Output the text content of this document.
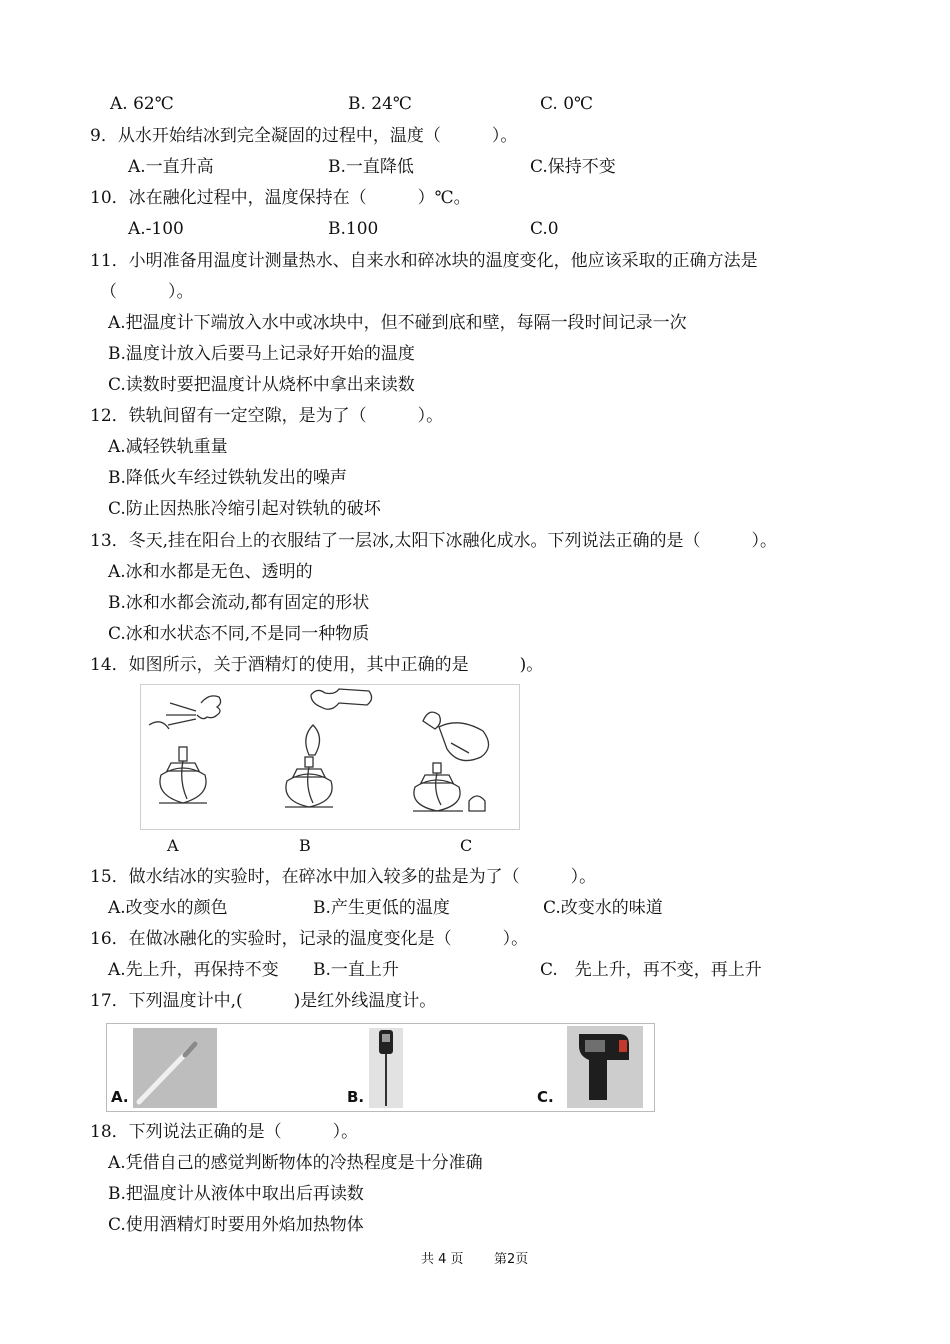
A. 62℃	B. 24℃	C. 0℃
9．从水开始结冰到完全凝固的过程中，温度（　　　）。
A.一直升高	B.一直降低	C.保持不变
10．冰在融化过程中，温度保持在（　　　）℃。
A.-100	B.100	C.0
11．小明准备用温度计测量热水、自来水和碎冰块的温度变化，他应该采取的正确方法是
（　　　）。
A.把温度计下端放入水中或冰块中，但不碰到底和壁，每隔一段时间记录一次
B.温度计放入后要马上记录好开始的温度
C.读数时要把温度计从烧杯中拿出来读数
12．铁轨间留有一定空隙，是为了（　　　）。
A.减轻铁轨重量
B.降低火车经过铁轨发出的噪声
C.防止因热胀冷缩引起对铁轨的破坏
13．冬天,挂在阳台上的衣服结了一层冰,太阳下冰融化成水。下列说法正确的是（　　　）。
A.冰和水都是无色、透明的
B.冰和水都会流动,都有固定的形状
C.冰和水状态不同,不是同一种物质
14．如图所示，关于酒精灯的使用，其中正确的是　　　)。
A	B	C
15．做水结冰的实验时，在碎冰中加入较多的盐是为了（　　　）。
A.改变水的颜色	B.产生更低的温度	C.改变水的味道
16．在做冰融化的实验时，记录的温度变化是（　　　）。
A.先上升，再保持不变 B.一直上升	C.　先上升，再不变，再上升
17．下列温度计中,(　　　)是红外线温度计。
A.	B.	C.
18．下列说法正确的是（　　　）。
A.凭借自己的感觉判断物体的冷热程度是十分准确
B.把温度计从液体中取出后再读数
C.使用酒精灯时要用外焰加热物体
共 4 页 第2页
